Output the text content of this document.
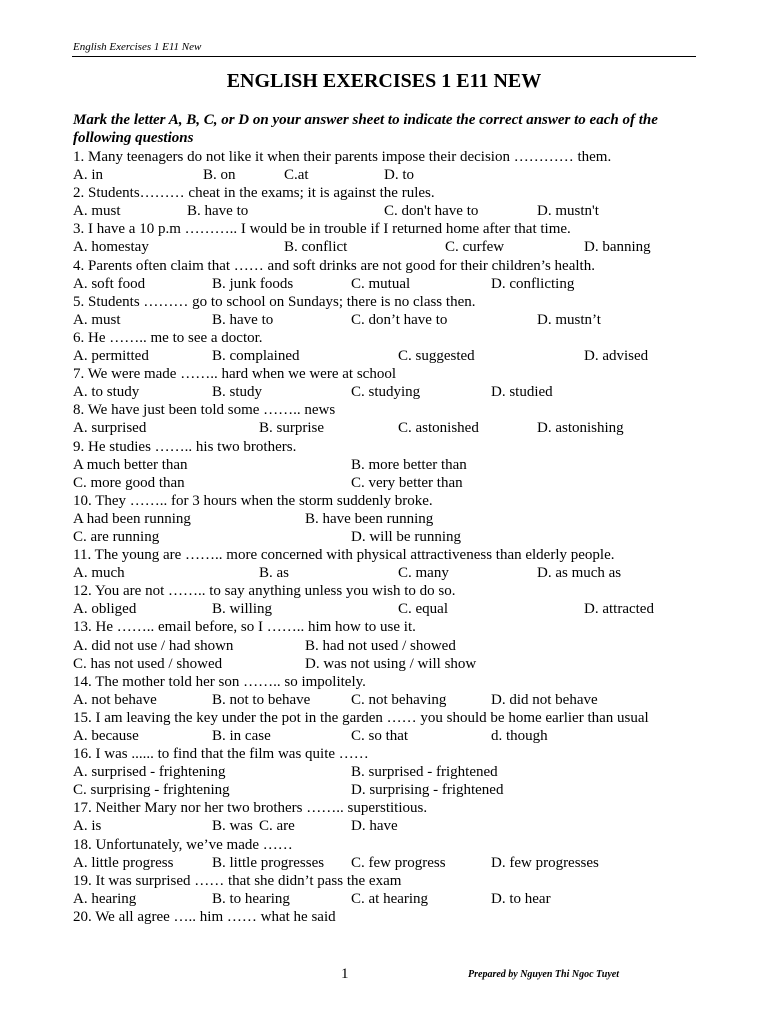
English Exercises 1 E11 New
ENGLISH EXERCISES 1 E11 NEW
Mark the letter A, B, C, or D on your answer sheet to indicate the correct answer to each of the following questions
1. Many teenagers do not like it when their parents impose their decision ………… them.
A. in	B. on	C.at	D. to
2. Students……… cheat in the exams; it is against the rules.
A. must	B. have to	C. don't have to	D. mustn't
3. I have a 10 p.m ……….. I would be in trouble if I returned home after that time.
A. homestay	B. conflict	C. curfew	D. banning
4. Parents often claim that …… and soft drinks are not good for their children’s health.
A. soft food	B. junk foods	C. mutual	D. conflicting
5. Students ……… go to school on Sundays; there is no class then.
A. must	B. have to	C. don’t have to	D. mustn’t
6. He …….. me to see a doctor.
A. permitted	B. complained	C. suggested	D. advised
7. We were made …….. hard when we were at school
A. to study	B. study	C. studying	D. studied
8. We have just been told some …….. news
A. surprised	B. surprise	C. astonished	D. astonishing
9. He studies …….. his two brothers.
A much better than	B. more better than
C. more good than	C. very better than
10. They …….. for 3 hours when the storm suddenly broke.
A had been running	B. have been running
C. are running	D. will be running
11. The young are …….. more concerned with physical attractiveness than elderly people.
A. much	B. as	C. many	D. as much as
12. You are not …….. to say anything unless you wish to do so.
A. obliged	B. willing	C. equal	D. attracted
13. He …….. email before, so I …….. him how to use it.
A. did not use / had shown	B. had not used / showed
C. has not used / showed	D. was not using / will show
14. The mother told her son …….. so impolitely.
A. not behave	B. not to behave	C. not behaving	D. did not behave
15. I am leaving the key under the pot in the garden …… you should be home earlier than usual
A. because	B. in case	C. so that	d. though
16. I was ...... to find that the film was quite ……
A. surprised - frightening	B. surprised - frightened
C. surprising - frightening	D. surprising - frightened
17. Neither Mary nor her two brothers …….. superstitious.
A. is	B. was C. are	D. have
18. Unfortunately, we’ve made ……
A. little progress	B. little progresses C. few progress	D. few progresses
19. It was surprised …… that she didn’t pass the exam
A. hearing	B. to hearing	C. at hearing	D. to hear
20. We all agree ….. him …… what he said
1	Prepared by Nguyen Thi Ngoc Tuyet
